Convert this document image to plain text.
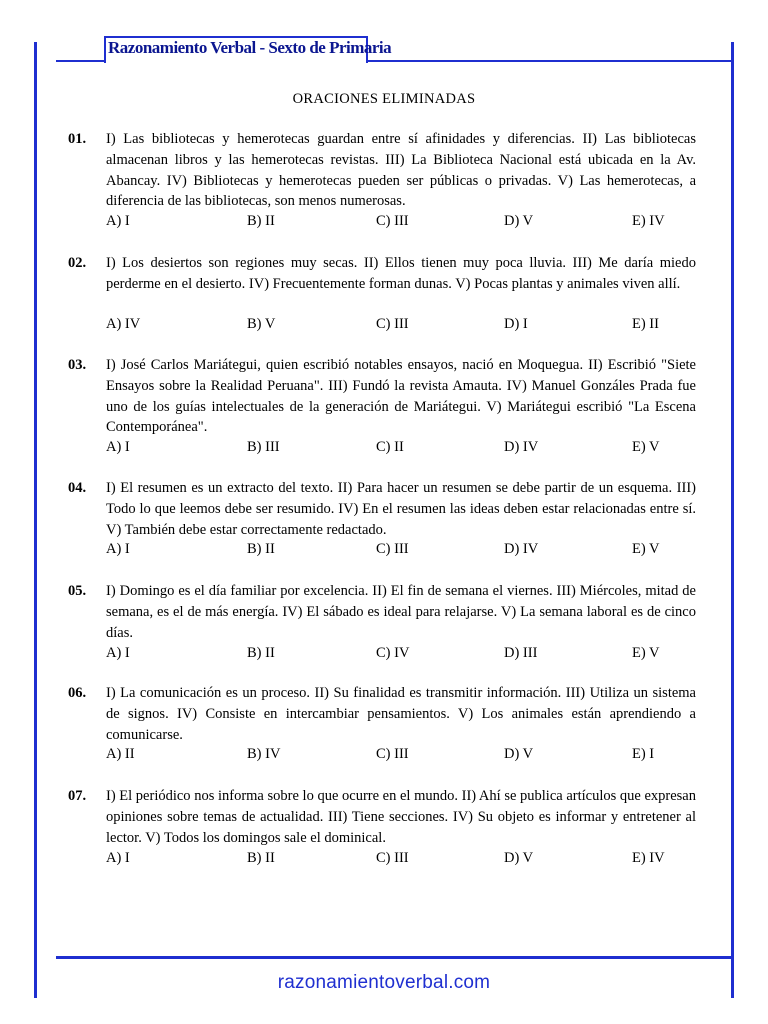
Razonamiento Verbal - Sexto de Primaria
ORACIONES ELIMINADAS
01. I) Las bibliotecas y hemerotecas guardan entre sí afinidades y diferencias. II) Las bibliotecas almacenan libros y las hemerotecas revistas. III) La Biblioteca Nacional está ubicada en la Av. Abancay. IV) Bibliotecas y hemerotecas pueden ser públicas o privadas. V) Las hemerotecas, a diferencia de las bibliotecas, son menos numerosas.
A) I	B) II	C) III	D) V	E) IV
02. I) Los desiertos son regiones muy secas. II) Ellos tienen muy poca lluvia. III) Me daría miedo perderme en el desierto. IV) Frecuentemente forman dunas. V) Pocas plantas y animales viven allí.
A) IV	B) V	C) III	D) I	E) II
03. I) José Carlos Mariátegui, quien escribió notables ensayos, nació en Moquegua. II) Escribió "Siete Ensayos sobre la Realidad Peruana". III) Fundó la revista Amauta. IV) Manuel Gonzáles Prada fue uno de los guías intelectuales de la generación de Mariátegui. V) Mariátegui escribió "La Escena Contemporánea".
A) I	B) III	C) II	D) IV	E) V
04. I) El resumen es un extracto del texto. II) Para hacer un resumen se debe partir de un esquema. III) Todo lo que leemos debe ser resumido. IV) En el resumen las ideas deben estar relacionadas entre sí. V) También debe estar correctamente redactado.
A) I	B) II	C) III	D) IV	E) V
05. I) Domingo es el día familiar por excelencia. II) El fin de semana el viernes. III) Miércoles, mitad de semana, es el de más energía. IV) El sábado es ideal para relajarse. V) La semana laboral es de cinco días.
A) I	B) II	C) IV	D) III	E) V
06. I) La comunicación es un proceso. II) Su finalidad es transmitir información. III) Utiliza un sistema de signos. IV) Consiste en intercambiar pensamientos. V) Los animales están aprendiendo a comunicarse.
A) II	B) IV	C) III	D) V	E) I
07. I) El periódico nos informa sobre lo que ocurre en el mundo. II) Ahí se publica artículos que expresan opiniones sobre temas de actualidad. III) Tiene secciones. IV) Su objeto es informar y entretener al lector. V) Todos los domingos sale el dominical.
A) I	B) II	C) III	D) V	E) IV
razonamientoverbal.com
